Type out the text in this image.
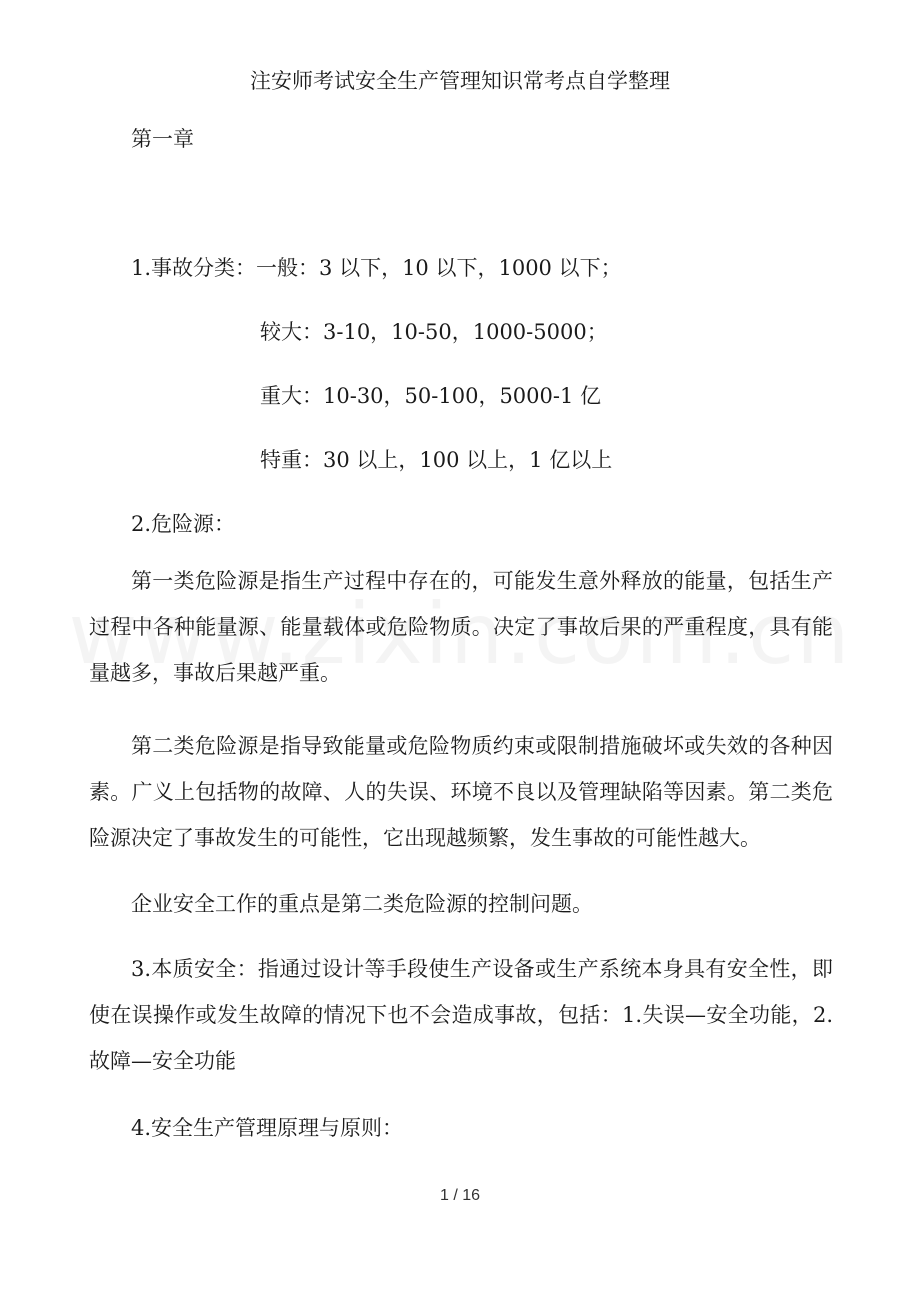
注安师考试安全生产管理知识常考点自学整理
第一章
1.事故分类：一般：3 以下，10 以下，1000 以下；
较大：3-10，10-50，1000-5000；
重大：10-30，50-100，5000-1 亿
特重：30 以上，100 以上，1 亿以上
2.危险源：
第一类危险源是指生产过程中存在的，可能发生意外释放的能量，包括生产过程中各种能量源、能量载体或危险物质。决定了事故后果的严重程度，具有能量越多，事故后果越严重。
第二类危险源是指导致能量或危险物质约束或限制措施破坏或失效的各种因素。广义上包括物的故障、人的失误、环境不良以及管理缺陷等因素。第二类危险源决定了事故发生的可能性，它出现越频繁，发生事故的可能性越大。
企业安全工作的重点是第二类危险源的控制问题。
3.本质安全：指通过设计等手段使生产设备或生产系统本身具有安全性，即使在误操作或发生故障的情况下也不会造成事故，包括：1.失误—安全功能，2.故障—安全功能
4.安全生产管理原理与原则：
1 / 16
